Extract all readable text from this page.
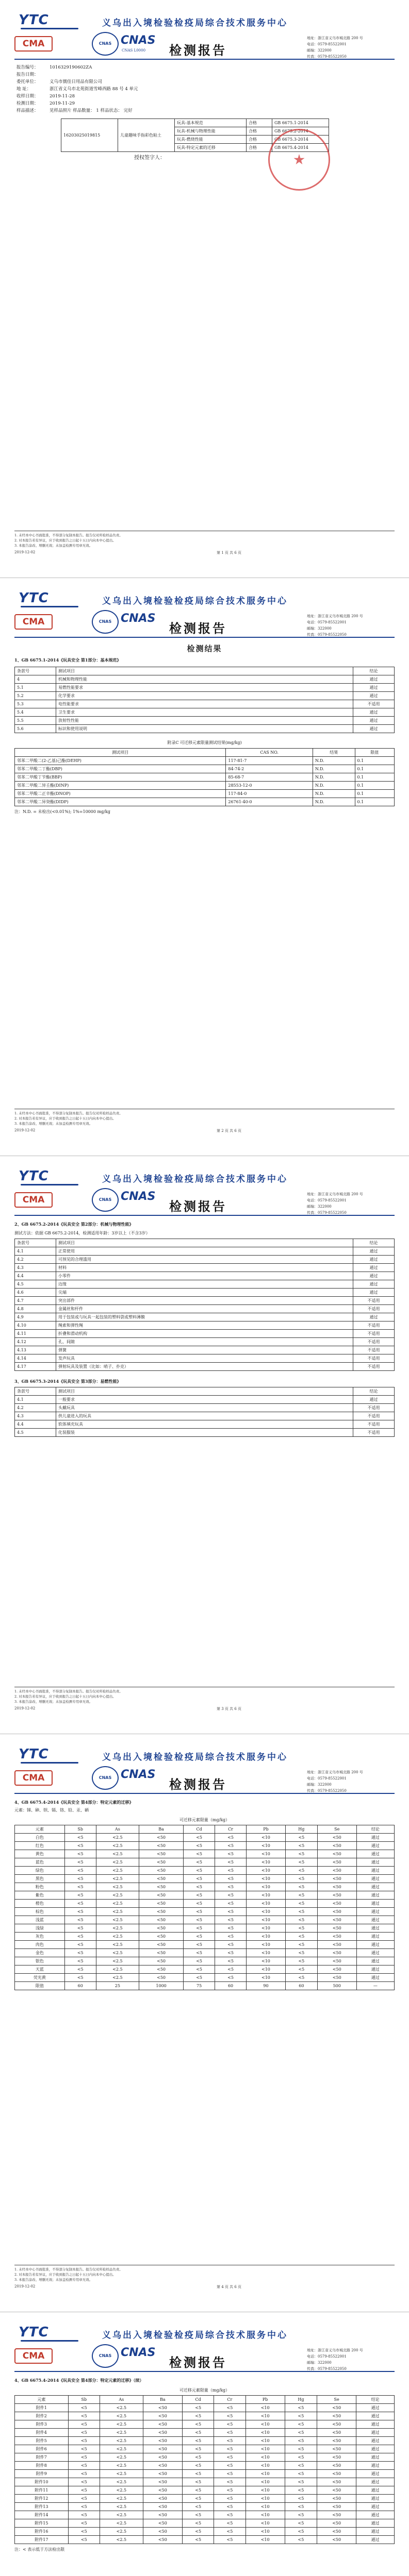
YTC	义乌出入境检验检疫局综合技术服务中心
CMA	CNAS CNAS
CNAS L0000 检测报告
地址：浙江省义乌市城北路 200 号
电话：0579-85522001
邮编：322000
传真：0579-85522050
报告编号：	1016329190602ZA
报告日期：
委托单位：	义乌市儒佳日用品有限公司
地 址：	浙江省义乌市北苑街道雪峰西路 88 号 4 单元
收样日期：	2019-11-28
检测日期：	2019-11-29
样品描述：	见样品照片 样品数量： 1 样品状态： 完好
16203025019815	儿童趣味手指彩色粘土	玩具-基本规范	合格	GB 6675.1-2014
		玩具-机械与物理性能	合格	GB 6675.2-2014
		玩具-燃烧性能	合格	GB 6675.3-2014
		玩具-特定元素的迁移	合格	GB 6675.4-2014
授权签字人：
1. 未经本中心书面批准，不得部分复制本报告。报告仅对所检样品负责。
2. 对本报告若有异议，应于收到报告之日起十五日内向本中心提出。
3. 本报告涂改、增删无效；未加盖检测专用章无效。
2019-12-02	第 1 页 共 6 页
YTC	义乌出入境检验检疫局综合技术服务中心
CMA	CNAS CNAS
检测报告
地址：浙江省义乌市城北路 200 号
电话：0579-85522001
邮编：322000
传真：0579-85522050
检测结果
1、GB 6675.1-2014《玩具安全 第1部分：基本规范》
条款号	测试项目	结论
4	机械和物理性能	通过
5.1	易燃性能要求	通过
5.2	化学要求	通过
5.3	电性能要求	不适用
5.4	卫生要求	通过
5.5	放射性性能	通过
5.6	标识和使用说明	通过
附录C 可迁移元素限量测试结果(mg/kg)
测试项目	CAS NO.	结果	限值
邻苯二甲酸二(2-乙基)己酯(DEHP)	117-81-7	N.D.	0.1
邻苯二甲酸二丁酯(DBP)	84-74-2	N.D.	0.1
邻苯二甲酸丁苄酯(BBP)	85-68-7	N.D.	0.1
邻苯二甲酸二异壬酯(DINP)	28553-12-0	N.D.	0.1
邻苯二甲酸二正辛酯(DNOP)	117-84-0	N.D.	0.1
邻苯二甲酸二异癸酯(DIDP)	26761-40-0	N.D.	0.1
注：N.D. = 未检出(<0.01%); 1%=10000 mg/kg
1. 未经本中心书面批准，不得部分复制本报告。报告仅对所检样品负责。
2. 对本报告若有异议，应于收到报告之日起十五日内向本中心提出。
3. 本报告涂改、增删无效；未加盖检测专用章无效。
2019-12-02	第 2 页 共 6 页
YTC	义乌出入境检验检疫局综合技术服务中心
CMA	CNAS CNAS
检测报告
地址：浙江省义乌市城北路 200 号
电话：0579-85522001
邮编：322000
传真：0579-85522050
2、GB 6675.2-2014《玩具安全 第2部分：机械与物理性能》
测试方法：依据 GB 6675.2-2014，检测适用年龄：3岁以上（不含3岁）
条款号	测试项目	结论
4.1	正常使用	通过
4.2	可预见的合理滥用	通过
4.3	材料	通过
4.4	小零件	通过
4.5	边缘	通过
4.6	尖端	通过
4.7	突出部件	不适用
4.8	金属丝和杆件	不适用
4.9	用于包装或与玩具一起包装的塑料袋或塑料薄膜	通过
4.10	绳索和弹性绳	不适用
4.11	折叠和滑动机构	不适用
4.12	孔、间隙	不适用
4.13	弹簧	不适用
4.14	发声玩具	不适用
4.17	弹射玩具及装置（比如：哨子、扑克）	不适用
3、GB 6675.3-2014《玩具安全 第3部分：易燃性能》
条款号	测试项目	结论
4.1	一般要求	通过
4.2	头戴玩具	不适用
4.3	供儿童进入的玩具	不适用
4.4	软体填充玩具	不适用
4.5	化装服装	不适用
1. 未经本中心书面批准，不得部分复制本报告。报告仅对所检样品负责。
2. 对本报告若有异议，应于收到报告之日起十五日内向本中心提出。
3. 本报告涂改、增删无效；未加盖检测专用章无效。
2019-12-02	第 3 页 共 6 页
YTC	义乌出入境检验检疫局综合技术服务中心
CMA	CNAS CNAS
检测报告
地址：浙江省义乌市城北路 200 号
电话：0579-85522001
邮编：322000
传真：0579-85522050
4、GB 6675.4-2014《玩具安全 第4部分：特定元素的迁移》
元素：锑、砷、钡、镉、铬、铅、汞、硒
可迁移元素限量（mg/kg）
元素	Sb	As	Ba	Cd	Cr	Pb	Hg	Se	结论
白色	<5	<2.5	<50	<5	<5	<10	<5	<50	通过
红色	<5	<2.5	<50	<5	<5	<10	<5	<50	通过
黄色	<5	<2.5	<50	<5	<5	<10	<5	<50	通过
蓝色	<5	<2.5	<50	<5	<5	<10	<5	<50	通过
绿色	<5	<2.5	<50	<5	<5	<10	<5	<50	通过
黑色	<5	<2.5	<50	<5	<5	<10	<5	<50	通过
粉色	<5	<2.5	<50	<5	<5	<10	<5	<50	通过
紫色	<5	<2.5	<50	<5	<5	<10	<5	<50	通过
橙色	<5	<2.5	<50	<5	<5	<10	<5	<50	通过
棕色	<5	<2.5	<50	<5	<5	<10	<5	<50	通过
浅蓝	<5	<2.5	<50	<5	<5	<10	<5	<50	通过
浅绿	<5	<2.5	<50	<5	<5	<10	<5	<50	通过
灰色	<5	<2.5	<50	<5	<5	<10	<5	<50	通过
肉色	<5	<2.5	<50	<5	<5	<10	<5	<50	通过
金色	<5	<2.5	<50	<5	<5	<10	<5	<50	通过
银色	<5	<2.5	<50	<5	<5	<10	<5	<50	通过
天蓝	<5	<2.5	<50	<5	<5	<10	<5	<50	通过
荧光黄	<5	<2.5	<50	<5	<5	<10	<5	<50	通过
限值	60	25	1000	75	60	90	60	500	—
1. 未经本中心书面批准，不得部分复制本报告。报告仅对所检样品负责。
2. 对本报告若有异议，应于收到报告之日起十五日内向本中心提出。
3. 本报告涂改、增删无效；未加盖检测专用章无效。
2019-12-02	第 4 页 共 6 页
YTC	义乌出入境检验检疫局综合技术服务中心
CMA	CNAS CNAS
检测报告
地址：浙江省义乌市城北路 200 号
电话：0579-85522001
邮编：322000
传真：0579-85522050
4、GB 6675.4-2014《玩具安全 第4部分：特定元素的迁移》（续）
可迁移元素限量（mg/kg）
元素	Sb	As	Ba	Cd	Cr	Pb	Hg	Se	结论
附件1	<5	<2.5	<50	<5	<5	<10	<5	<50	通过
附件2	<5	<2.5	<50	<5	<5	<10	<5	<50	通过
附件3	<5	<2.5	<50	<5	<5	<10	<5	<50	通过
附件4	<5	<2.5	<50	<5	<5	<10	<5	<50	通过
附件5	<5	<2.5	<50	<5	<5	<10	<5	<50	通过
附件6	<5	<2.5	<50	<5	<5	<10	<5	<50	通过
附件7	<5	<2.5	<50	<5	<5	<10	<5	<50	通过
附件8	<5	<2.5	<50	<5	<5	<10	<5	<50	通过
附件9	<5	<2.5	<50	<5	<5	<10	<5	<50	通过
附件10	<5	<2.5	<50	<5	<5	<10	<5	<50	通过
附件11	<5	<2.5	<50	<5	<5	<10	<5	<50	通过
附件12	<5	<2.5	<50	<5	<5	<10	<5	<50	通过
附件13	<5	<2.5	<50	<5	<5	<10	<5	<50	通过
附件14	<5	<2.5	<50	<5	<5	<10	<5	<50	通过
附件15	<5	<2.5	<50	<5	<5	<10	<5	<50	通过
附件16	<5	<2.5	<50	<5	<5	<10	<5	<50	通过
附件17	<5	<2.5	<50	<5	<5	<10	<5	<50	通过
注：< 表示低于方法检出限
